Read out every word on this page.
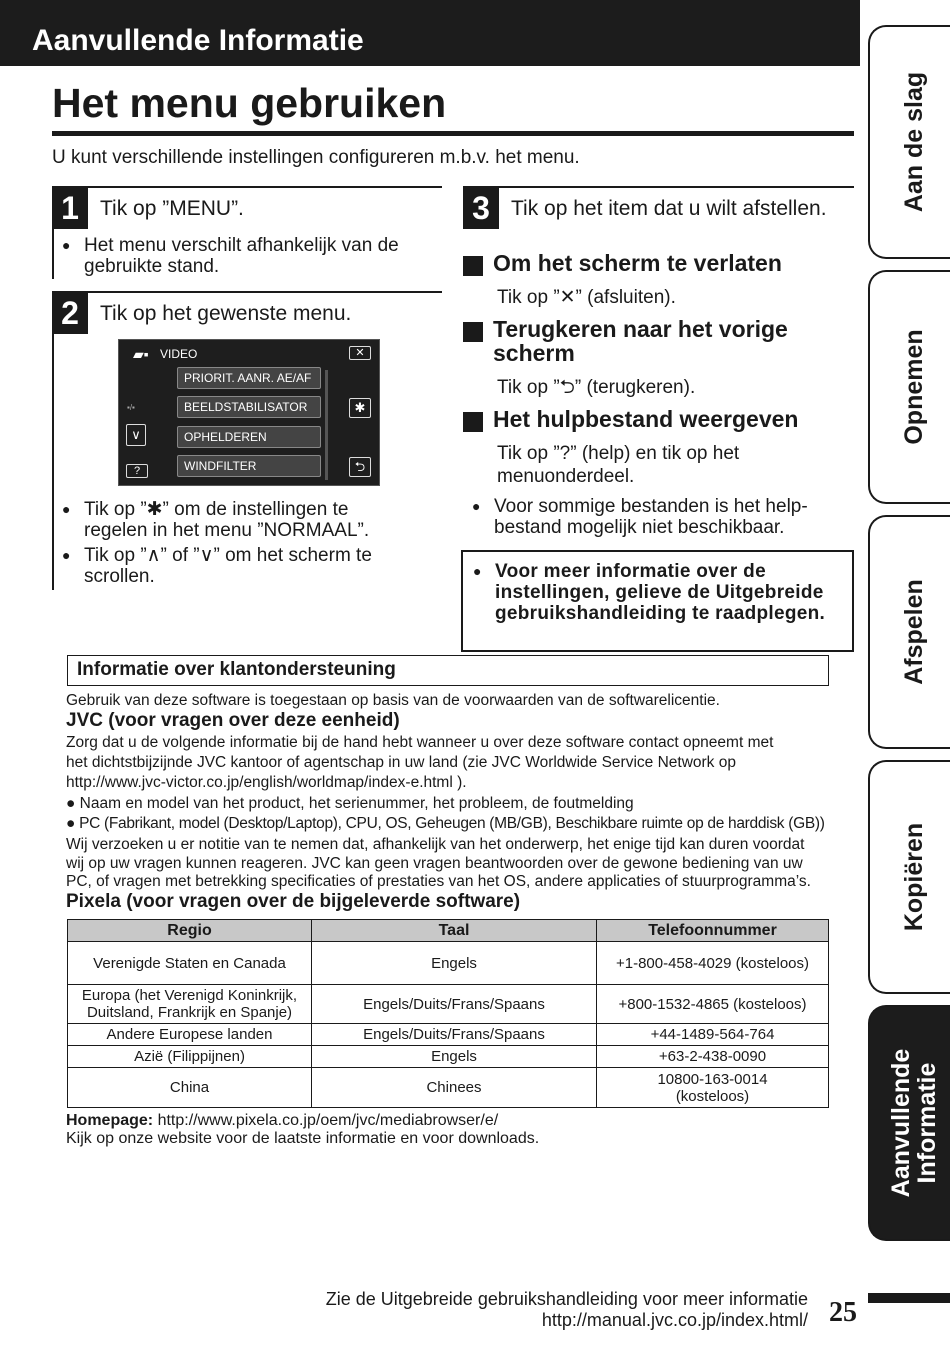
Aanvullende Informatie
Het menu gebruiken
U kunt verschillende instellingen configureren m.b.v. het menu.
1	Tik op ”MENU”.
● Het menu verschilt afhankelijk van de gebruikte stand.
2	Tik op het gewenste menu.
● Tik op ”✱” om de instellingen te regelen in het menu ”NORMAAL”.
● Tik op ”∧” of ”∨” om het scherm te scrollen.
▰▪ VIDEO	✕
PRIORIT. AANR. AE/AF
BEELDSTABILISATOR
OPHELDEREN
WINDFILTER
▪/▪
∨
?
✱
⮌
3	Tik op het item dat u wilt afstellen.
Om het scherm te verlaten
Tik op ”✕” (afsluiten).
Terugkeren naar het vorige scherm
Tik op ”⮌” (terugkeren).
Het hulpbestand weergeven
Tik op ”?” (help) en tik op het menuonderdeel.
● Voor sommige bestanden is het help-bestand mogelijk niet beschikbaar.
● Voor meer informatie over de instellingen, gelieve de Uitgebreide gebruikshandleiding te raadplegen.
Informatie over klantondersteuning
Gebruik van deze software is toegestaan op basis van de voorwaarden van de softwarelicentie.
JVC (voor vragen over deze eenheid)
Zorg dat u de volgende informatie bij de hand hebt wanneer u over deze software contact opneemt met
het dichtstbijzijnde JVC kantoor of agentschap in uw land (zie JVC Worldwide Service Network op
http://www.jvc-victor.co.jp/english/worldmap/index-e.html ).
● Naam en model van het product, het serienummer, het probleem, de foutmelding
● PC (Fabrikant, model (Desktop/Laptop), CPU, OS, Geheugen (MB/GB), Beschikbare ruimte op de harddisk (GB))
Wij verzoeken u er notitie van te nemen dat, afhankelijk van het onderwerp, het enige tijd kan duren voordat
wij op uw vragen kunnen reageren. JVC kan geen vragen beantwoorden over de gewone bediening van uw
PC, of vragen met betrekking specificaties of prestaties van het OS, andere applicaties of stuurprogramma’s.
Pixela (voor vragen over de bijgeleverde software)
Regio	Taal	Telefoonnummer
Verenigde Staten en Canada	Engels	+1-800-458-4029 (kosteloos)
Europa (het Verenigd Koninkrijk, Duitsland, Frankrijk en Spanje)	Engels/Duits/Frans/Spaans	+800-1532-4865 (kosteloos)
Andere Europese landen	Engels/Duits/Frans/Spaans	+44-1489-564-764
Azië (Filippijnen)	Engels	+63-2-438-0090
China	Chinees	10800-163-0014 (kosteloos)
Homepage: http://www.pixela.co.jp/oem/jvc/mediabrowser/e/
Kijk op onze website voor de laatste informatie en voor downloads.
Aan de slag
Opnemen
Afspelen
Kopiëren
Aanvullende Informatie
Zie de Uitgebreide gebruikshandleiding voor meer informatie
http://manual.jvc.co.jp/index.html/ 25
